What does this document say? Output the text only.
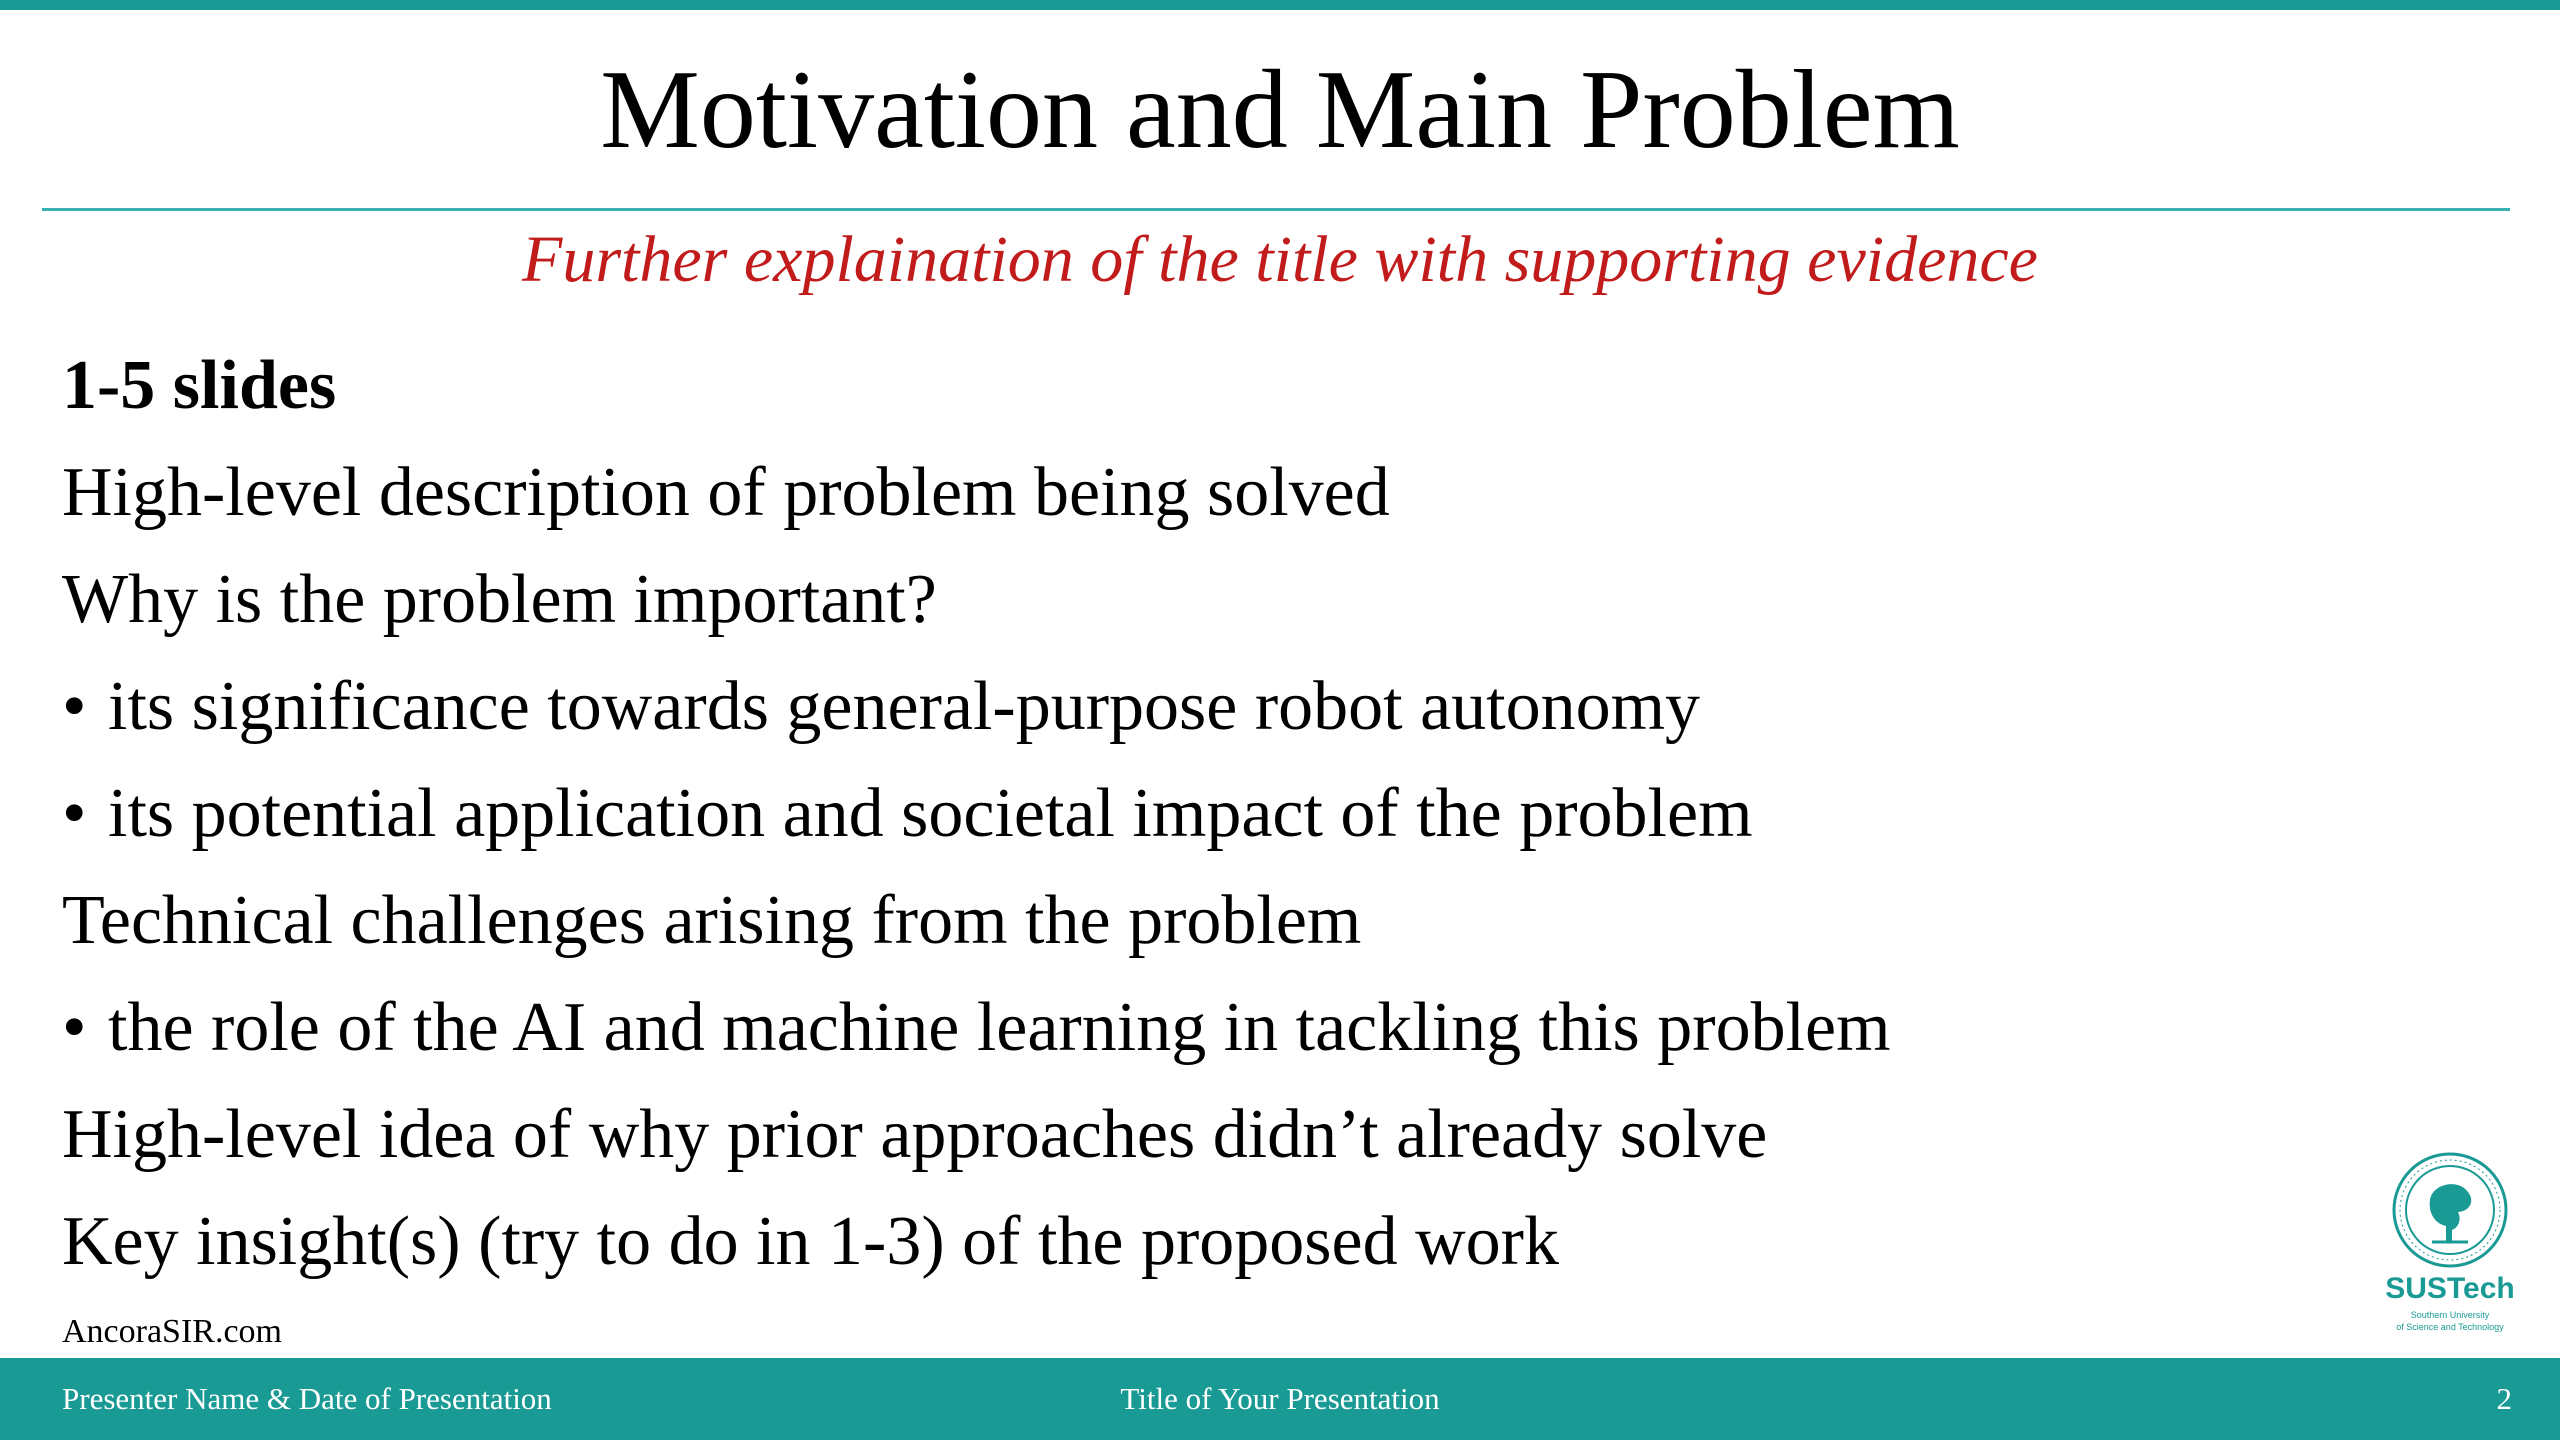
Motivation and Main Problem
Further explaination of the title with supporting evidence
1-5 slides
High-level description of problem being solved
Why is the problem important?
• its significance towards general-purpose robot autonomy
• its potential application and societal impact of the problem
Technical challenges arising from the problem
• the role of the AI and machine learning in tackling this problem
High-level idea of why prior approaches didn’t already solve
Key insight(s) (try to do in 1-3) of the proposed work
AncoraSIR.com
SUSTech
Southern University
of Science and Technology
Presenter Name & Date of Presentation	Title of Your Presentation	2
